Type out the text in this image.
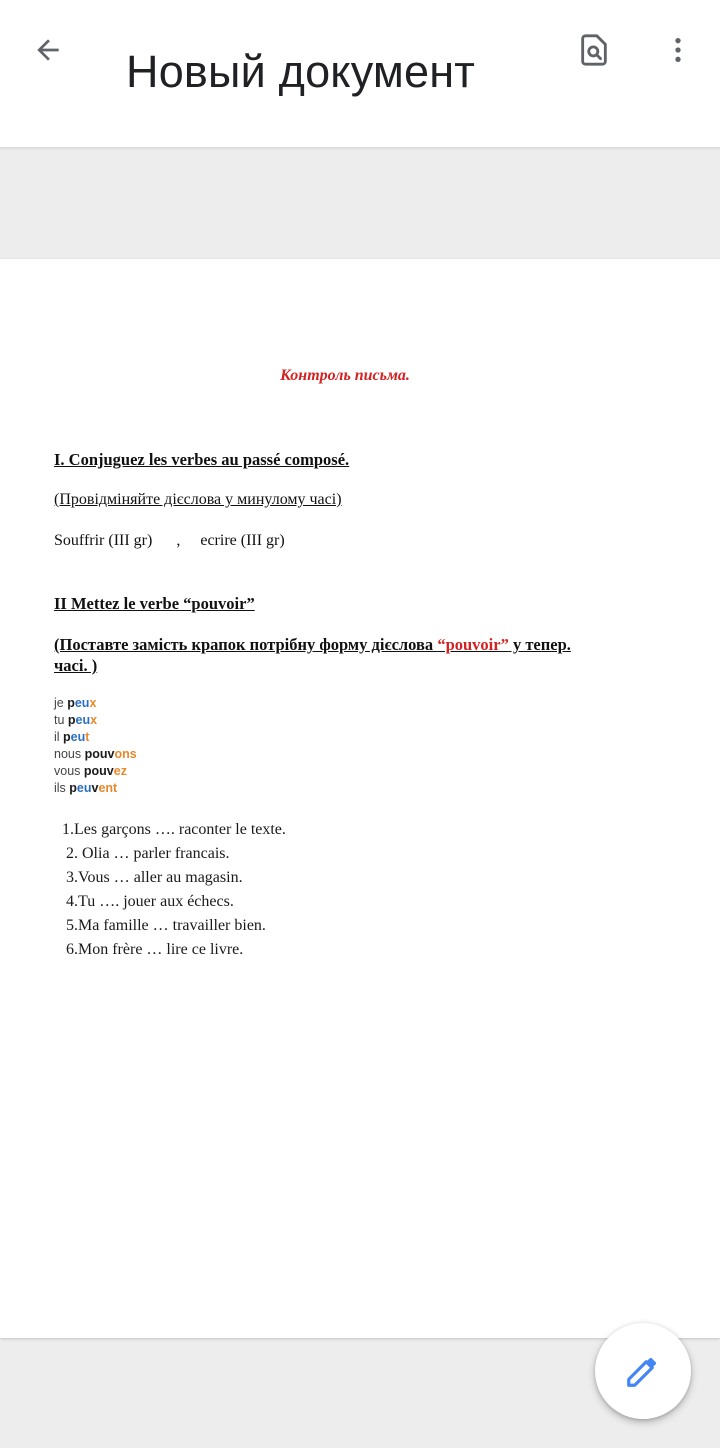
Новый документ
Контроль письма.
I. Conjuguez les verbes au passé composé.
(Провідміняйте дієслова у минулому часі)
Souffrir (III gr)      ,     ecrire (III gr)
II Mettez le verbe “pouvoir”
(Поставте замість крапок потрібну форму дієслова “pouvoir” у тепер.
часі. )
je peux
tu peux
il peut
nous pouvons
vous pouvez
ils peuvent
1.Les garçons …. raconter le texte.
2. Olia … parler francais.
3.Vous … aller au magasin.
4.Tu …. jouer aux échecs.
5.Ma famille … travailler bien.
6.Mon frère … lire ce livre.
